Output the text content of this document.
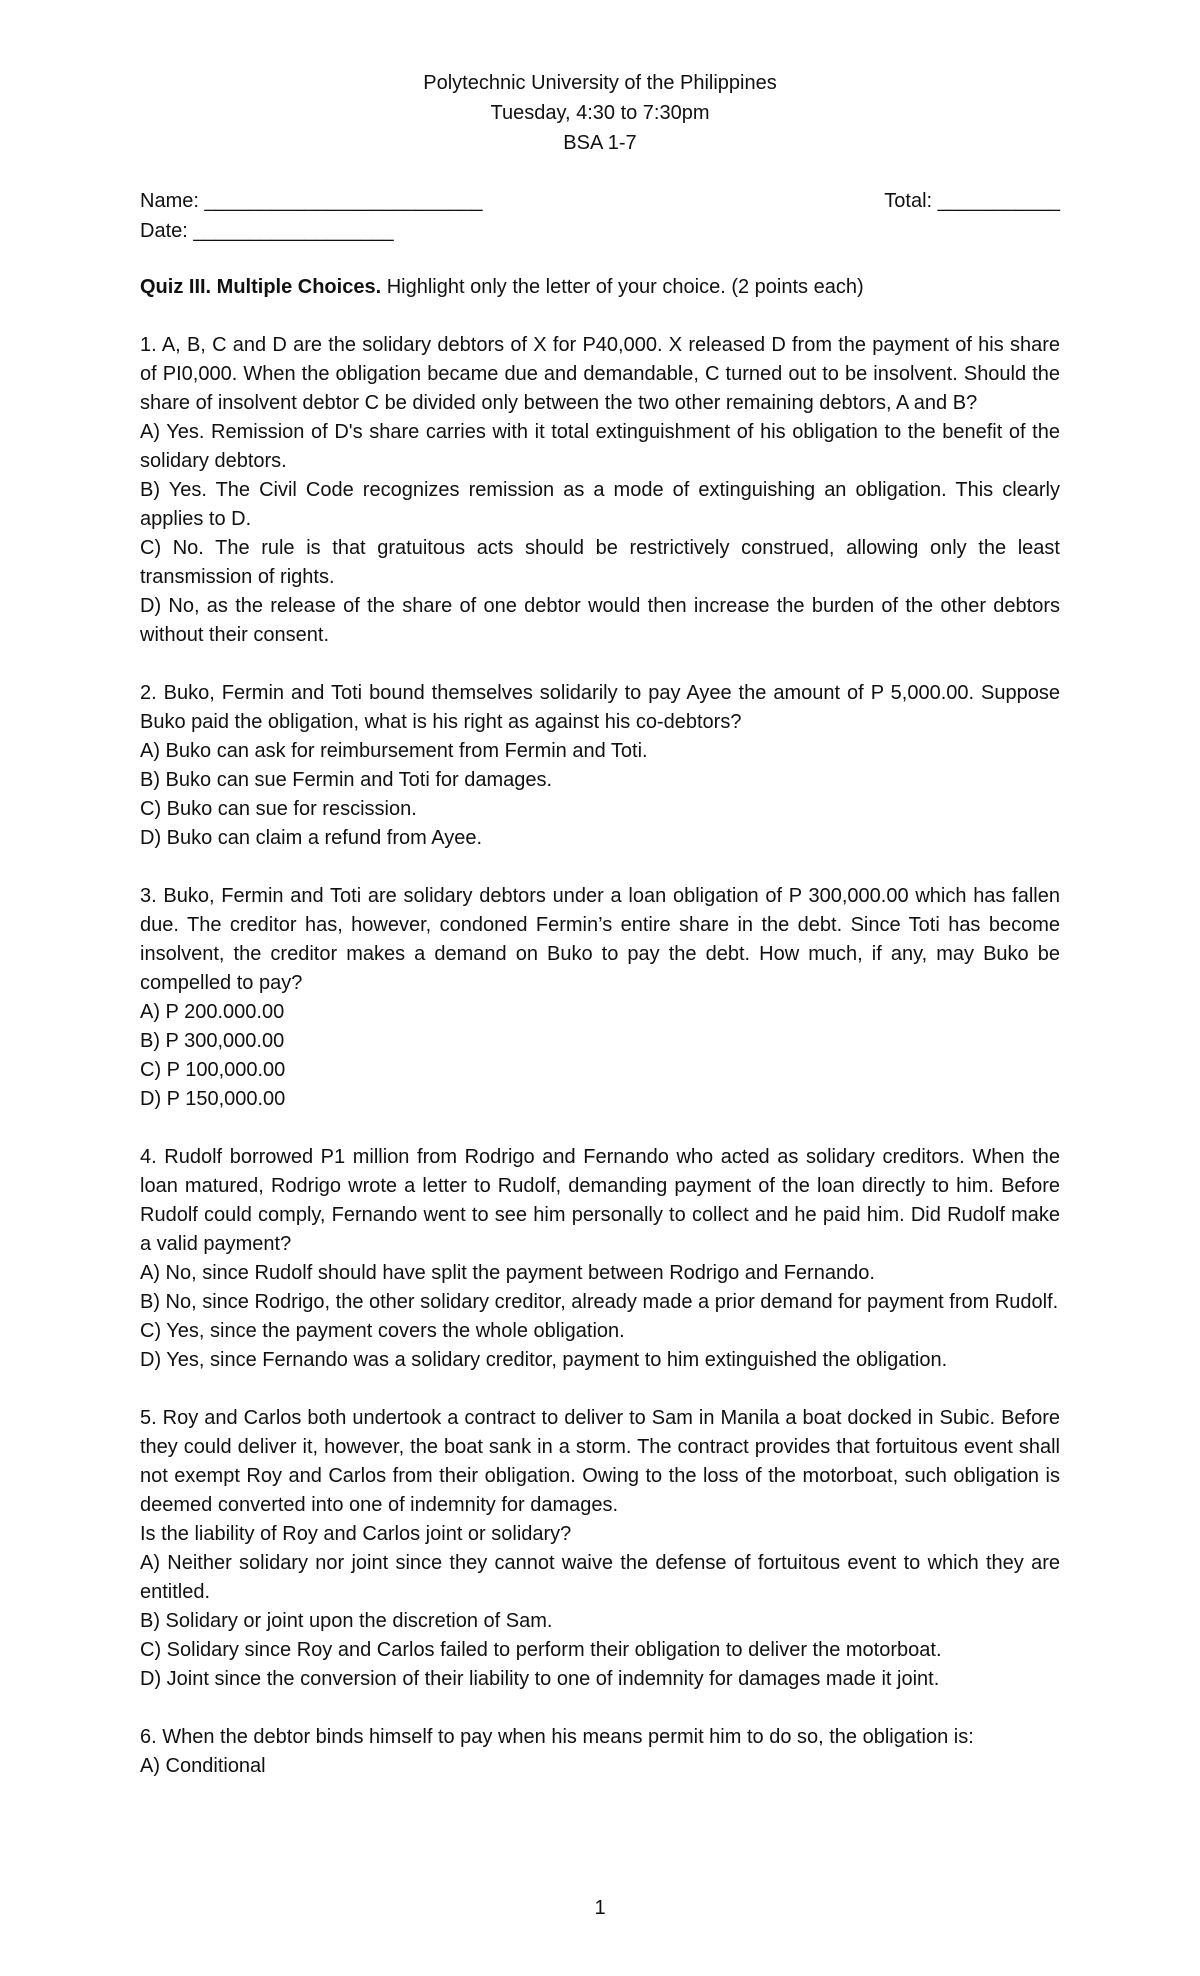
Polytechnic University of the Philippines
Tuesday, 4:30 to 7:30pm
BSA 1-7
Name: _________________________	Total: ___________
Date: __________________

Quiz III. Multiple Choices. Highlight only the letter of your choice. (2 points each)

1. A, B, C and D are the solidary debtors of X for P40,000. X released D from the payment of his share of PI0,000. When the obligation became due and demandable, C turned out to be insolvent. Should the share of insolvent debtor C be divided only between the two other remaining debtors, A and B?

A) Yes. Remission of D's share carries with it total extinguishment of his obligation to the benefit of the solidary debtors.

B) Yes. The Civil Code recognizes remission as a mode of extinguishing an obligation. This clearly applies to D.

C) No. The rule is that gratuitous acts should be restrictively construed, allowing only the least transmission of rights.

D) No, as the release of the share of one debtor would then increase the burden of the other debtors without their consent.

2. Buko, Fermin and Toti bound themselves solidarily to pay Ayee the amount of P 5,000.00. Suppose Buko paid the obligation, what is his right as against his co-debtors?

A) Buko can ask for reimbursement from Fermin and Toti.

B) Buko can sue Fermin and Toti for damages.

C) Buko can sue for rescission.

D) Buko can claim a refund from Ayee.

3. Buko, Fermin and Toti are solidary debtors under a loan obligation of P 300,000.00 which has fallen due. The creditor has, however, condoned Fermin’s entire share in the debt. Since Toti has become insolvent, the creditor makes a demand on Buko to pay the debt. How much, if any, may Buko be compelled to pay?

A) P 200.000.00

B) P 300,000.00

C) P 100,000.00

D) P 150,000.00

4. Rudolf borrowed P1 million from Rodrigo and Fernando who acted as solidary creditors. When the loan matured, Rodrigo wrote a letter to Rudolf, demanding payment of the loan directly to him. Before Rudolf could comply, Fernando went to see him personally to collect and he paid him. Did Rudolf make a valid payment?

A) No, since Rudolf should have split the payment between Rodrigo and Fernando.

B) No, since Rodrigo, the other solidary creditor, already made a prior demand for payment from Rudolf.

C) Yes, since the payment covers the whole obligation.

D) Yes, since Fernando was a solidary creditor, payment to him extinguished the obligation.

5. Roy and Carlos both undertook a contract to deliver to Sam in Manila a boat docked in Subic. Before they could deliver it, however, the boat sank in a storm. The contract provides that fortuitous event shall not exempt Roy and Carlos from their obligation. Owing to the loss of the motorboat, such obligation is deemed converted into one of indemnity for damages.

Is the liability of Roy and Carlos joint or solidary?

A) Neither solidary nor joint since they cannot waive the defense of fortuitous event to which they are entitled.

B) Solidary or joint upon the discretion of Sam.

C) Solidary since Roy and Carlos failed to perform their obligation to deliver the motorboat.

D) Joint since the conversion of their liability to one of indemnity for damages made it joint.

6. When the debtor binds himself to pay when his means permit him to do so, the obligation is:

A) Conditional

1
